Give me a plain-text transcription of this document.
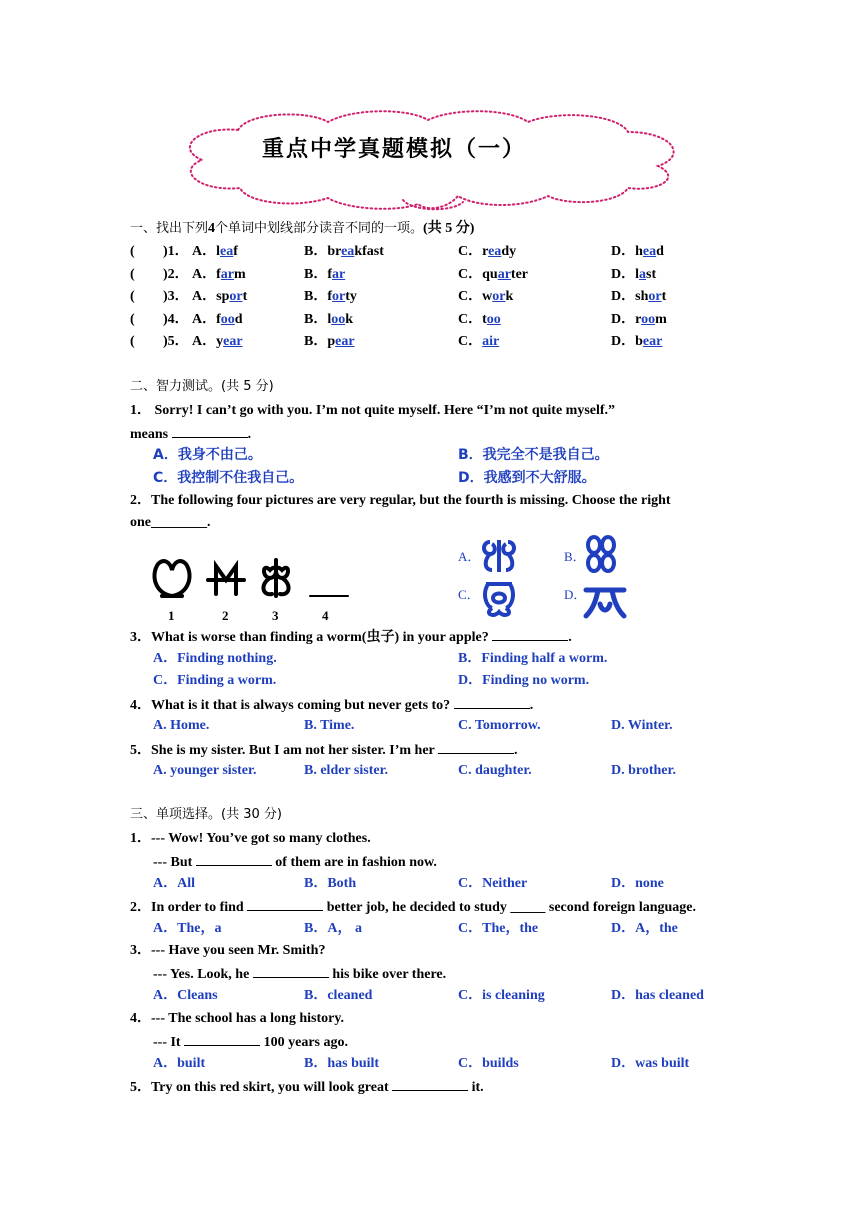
重点中学真题模拟（一）
一、找出下列4个单词中划线部分读音不同的一项。(共 5 分)
( )1． A．leaf	B．breakfast	C．ready	D．head
( )2． A．farm	B．far	C．quarter	D．last
( )3． A．sport	B．forty	C．work	D．short
( )4． A．food	B．look	C．too	D．room
( )5． A．year	B．pear	C．air	D．bear
二、智力测试。(共 5 分)
1． Sorry! I can’t go with you. I’m not quite myself. Here “I’m not quite myself.”
means	.
A．我身不由己。	B．我完全不是我自己。
C．我控制不住我自己。	D．我感到不大舒服。
2．The following four pictures are very regular, but the fourth is missing. Choose the right
one________.
1	2	3	4
A．	B．
C．	D．
3．What is worse than finding a worm(虫子) in your apple?	.
A．Finding nothing.	B．Finding half a worm.
C．Finding a worm.	D．Finding no worm.
4．What is it that is always coming but never gets to?	.
A. Home.	B. Time.	C. Tomorrow.	D. Winter.
5．She is my sister. But I am not her sister. I’m her	.
A. younger sister.	B. elder sister.	C. daughter.	D. brother.
三、单项选择。(共 30 分)
1．--- Wow! You’ve got so many clothes.
--- But	of them are in fashion now.
A．All	B．Both	C．Neither	D．none
2．In order to find	better job, he decided to study _____ second foreign language.
A．The，a	B．A， a	C．The，the	D．A，the
3．--- Have you seen Mr. Smith?
--- Yes. Look, he	his bike over there.
A．Cleans	B．cleaned	C．is cleaning	D．has cleaned
4．--- The school has a long history.
--- It	100 years ago.
A．built	B．has built	C．builds	D．was built
5．Try on this red skirt, you will look great	it.
